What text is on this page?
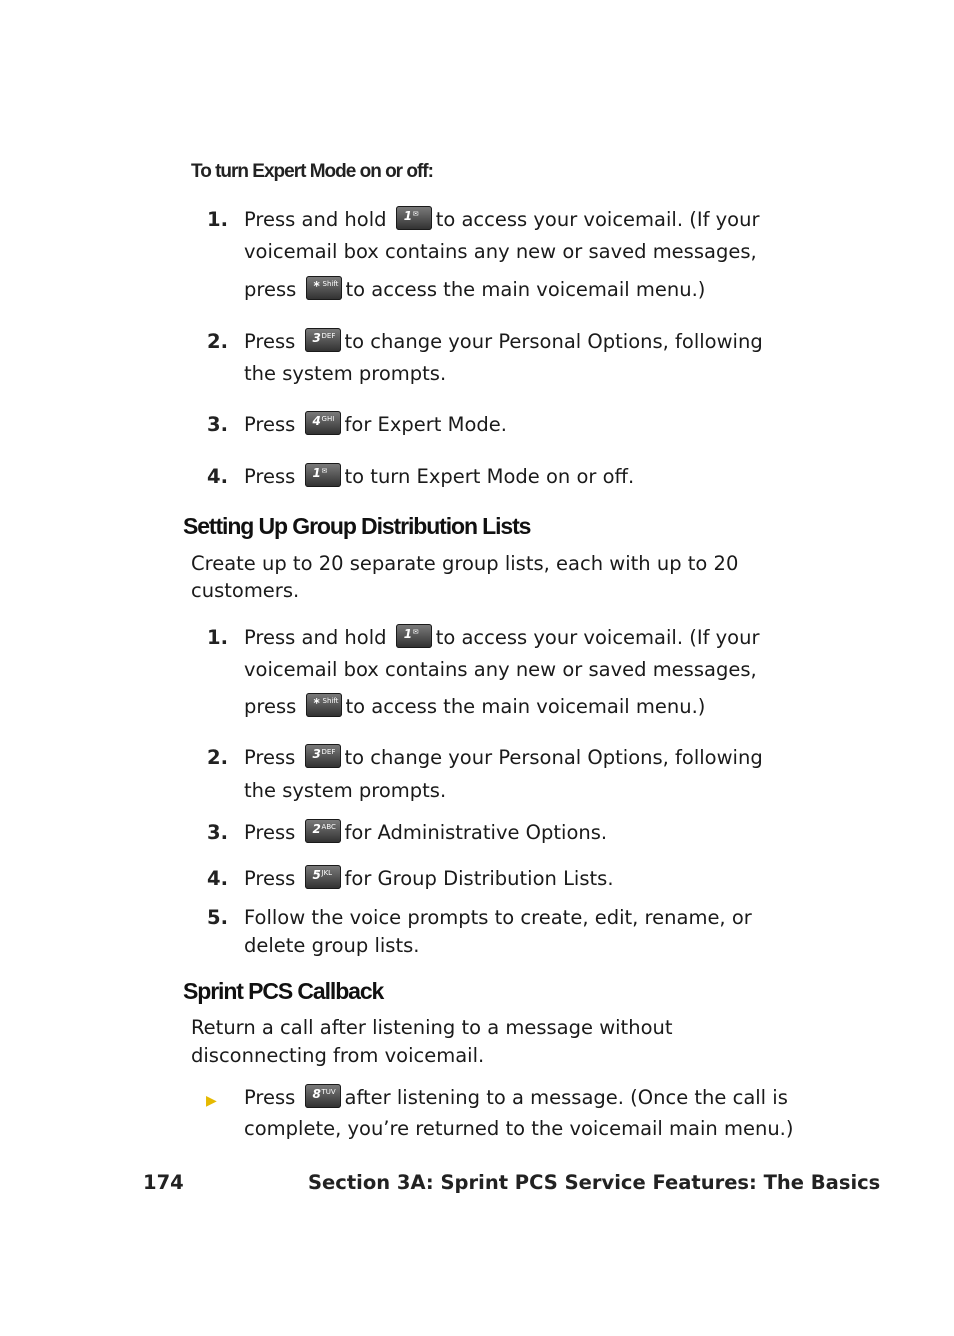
To turn Expert Mode on or off:
1. Press and hold 1 ✉ to access your voicemail. (If your
voicemail box contains any new or saved messages,
press * Shift to access the main voicemail menu.)
2. Press 3 DEF to change your Personal Options, following
the system prompts.
3. Press 4 GHI for Expert Mode.
4. Press 1 ✉ to turn Expert Mode on or off.
Setting Up Group Distribution Lists
Create up to 20 separate group lists, each with up to 20
customers.
1. Press and hold 1 ✉ to access your voicemail. (If your
voicemail box contains any new or saved messages,
press * Shift to access the main voicemail menu.)
2. Press 3 DEF to change your Personal Options, following
the system prompts.
3. Press 2 ABC for Administrative Options.
4. Press 5 JKL for Group Distribution Lists.
5. Follow the voice prompts to create, edit, rename, or
delete group lists.
Sprint PCS Callback
Return a call after listening to a message without
disconnecting from voicemail.
▶ Press 8 TUV after listening to a message. (Once the call is
complete, you’re returned to the voicemail main menu.)
174	Section 3A: Sprint PCS Service Features: The Basics
